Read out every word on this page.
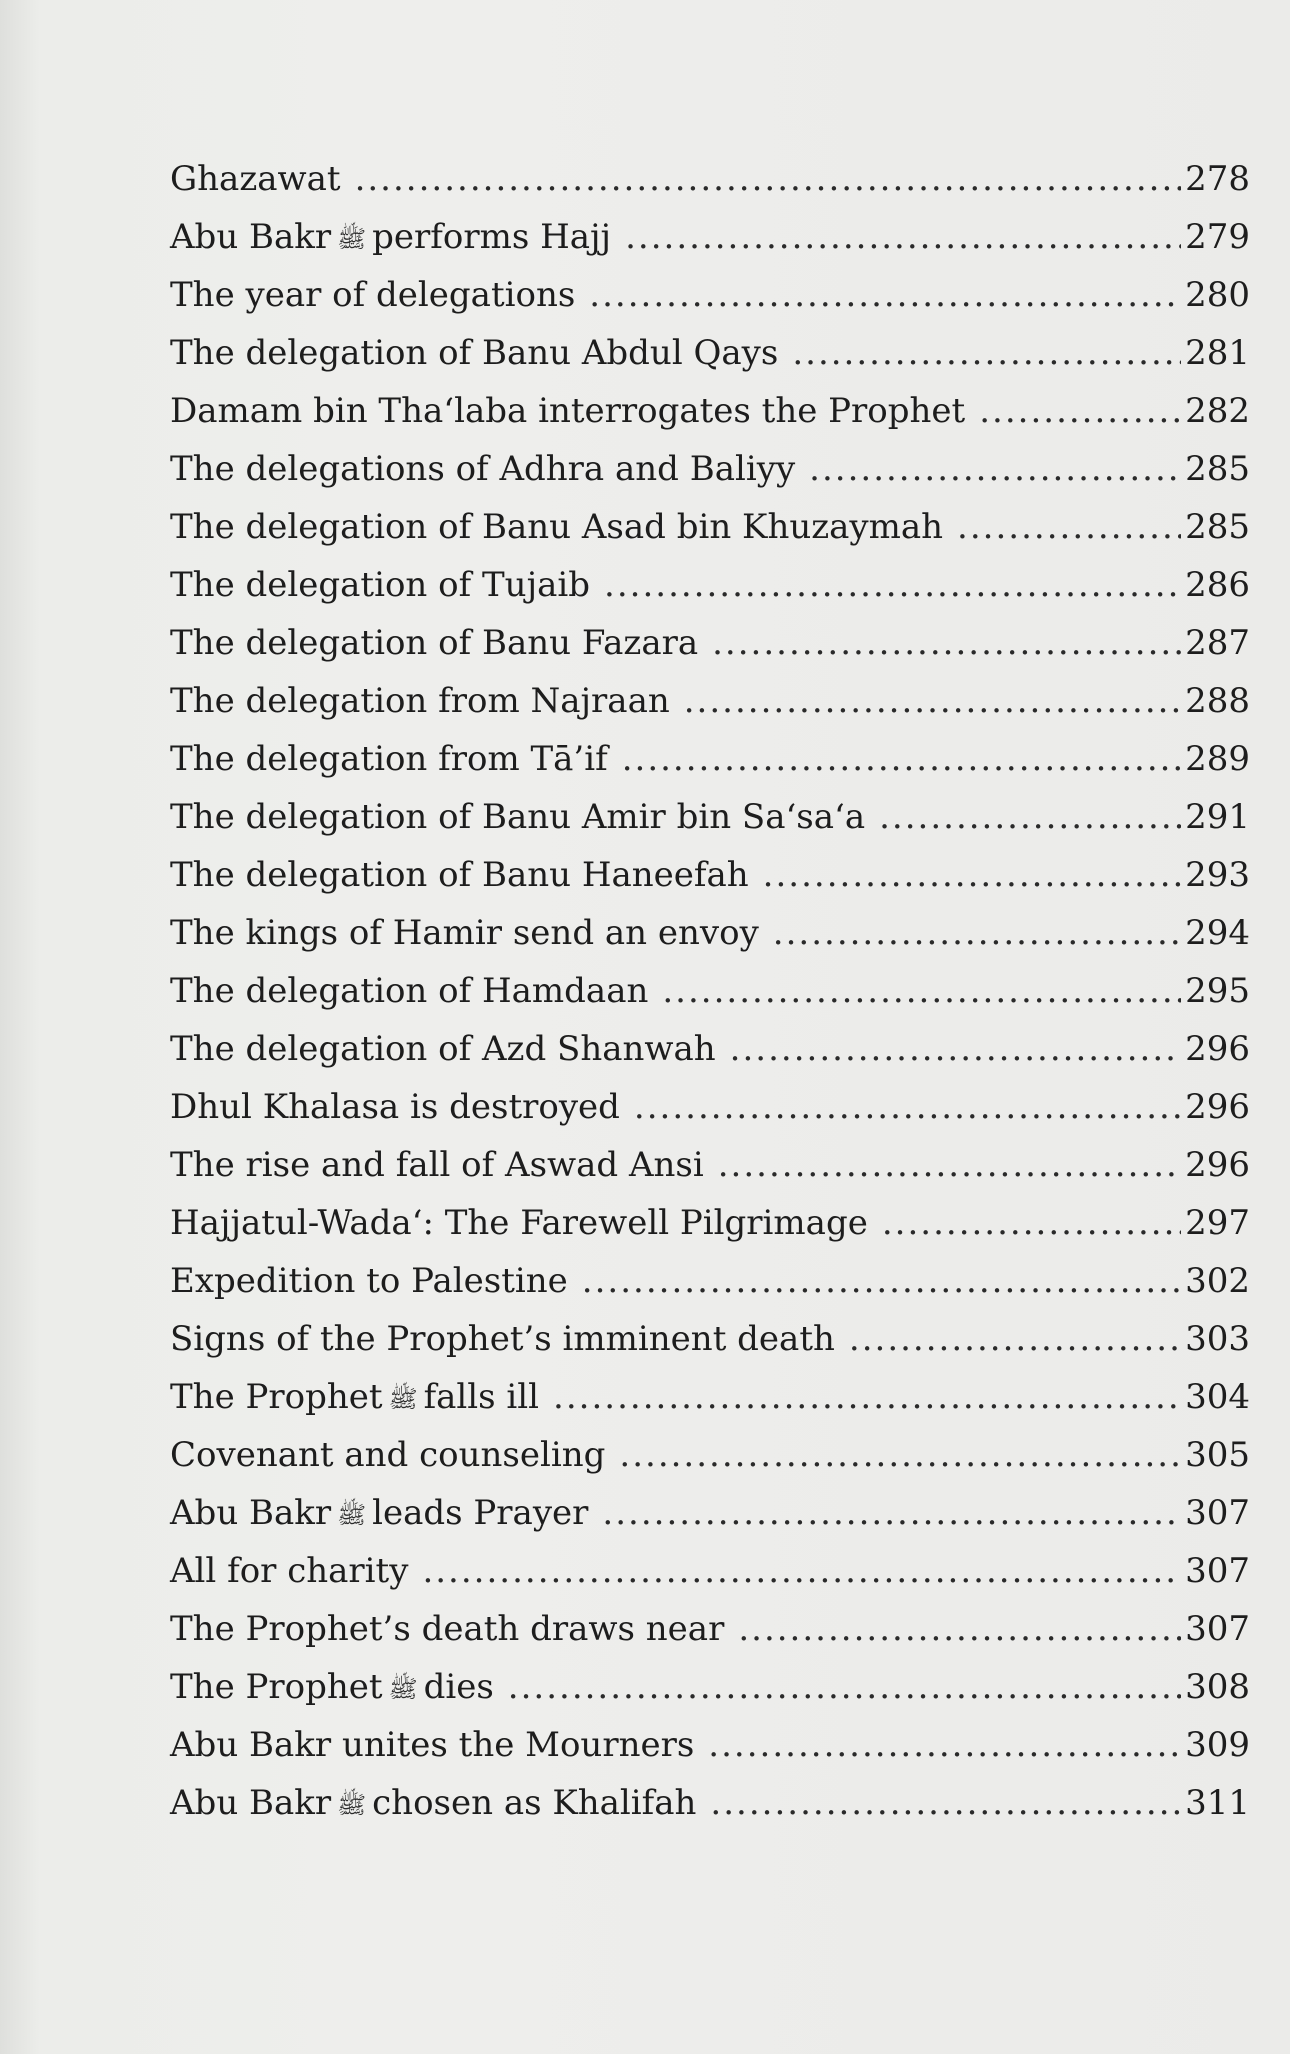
Ghazawat .....	278
Abu Bakr ﷺ performs Hajj .....	279
The year of delegations .....	280
The delegation of Banu Abdul Qays .....	281
Damam bin Tha‘laba interrogates the Prophet .....	282
The delegations of Adhra and Baliyy .....	285
The delegation of Banu Asad bin Khuzaymah .....	285
The delegation of Tujaib .....	286
The delegation of Banu Fazara .....	287
The delegation from Najraan .....	288
The delegation from Tā’if .....	289
The delegation of Banu Amir bin Sa‘sa‘a .....	291
The delegation of Banu Haneefah .....	293
The kings of Hamir send an envoy .....	294
The delegation of Hamdaan .....	295
The delegation of Azd Shanwah .....	296
Dhul Khalasa is destroyed .....	296
The rise and fall of Aswad Ansi .....	296
Hajjatul-Wada‘: The Farewell Pilgrimage .....	297
Expedition to Palestine .....	302
Signs of the Prophet’s imminent death .....	303
The Prophet ﷺ falls ill .....	304
Covenant and counseling .....	305
Abu Bakr ﷺ leads Prayer .....	307
All for charity .....	307
The Prophet’s death draws near .....	307
The Prophet ﷺ dies .....	308
Abu Bakr unites the Mourners .....	309
Abu Bakr ﷺ chosen as Khalifah .....	311
